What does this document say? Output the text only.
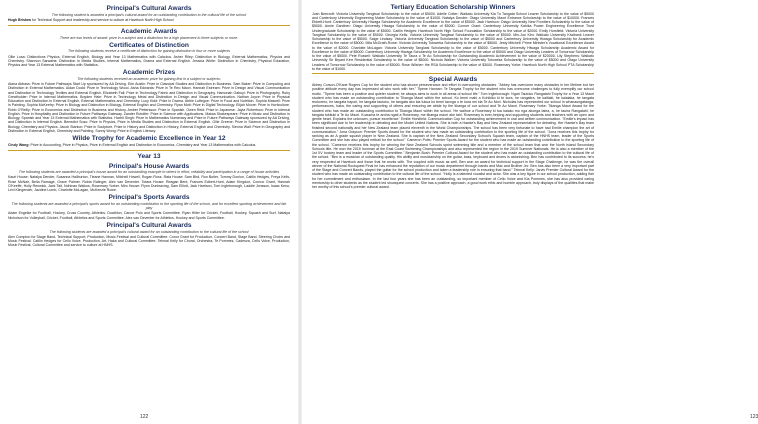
Principal's Cultural Awards
The following student is awarded a principal's cultural award for an outstanding contribution to the cultural life of the school
Hugh Bristow for Technical Support and leadership and service to culture at Havelock North High School
Academic Awards
There are two levels of award: prize in a subject and a distinction for a high placement in three subjects or more.
Certificates of Distinction
The following students receive a certificate of distinction for gaining distinction in four or more subjects
Ollie Losa: Distinctions Physics, External English, Biology and Year 13 Mathematics with Calculus. Asher Riley: Distinction in Biology, External Mathematics, Physics and Chemistry. Shannon Sarwarta: Distinction in Media Studies, Internal Mathematics, Drama and External English. Jessica White: Distinction in Chemistry, Physical Education, Physics and Year 13 External Mathematics with Statistics.
Academic Prizes
The following students received an academic prize for gaining first in a subject or subjects:
Alana Abbass: Prize in Future Pathways Start Up sponsored by AA Driving. Erin Austin: Prize in Classical Studies and Distinction in Business. Sam Baker: Prize in Computing and Distinction in External Mathematics. Aidan Dodd: Prize in Technology Wood. Asha Edwards: Prize in Te Reo Maori. Hannah Estream: Prize in Design and Visual Communication and Distinction in Technology Textiles and External English. Elizabeth Fall: Prize in Technology Fabric and Distinction in Geography. Hamonah Gabuyi: Prize in Photography. Ruby Greatholder: Prize in Internal Mathematics. Boyden Hale: Prize in Technology Metal and Distinction in Design and Visual Communication. Nathan Joyce: Prize in Physical Education and Distinction in External English, External Mathematics and Chemistry. Lucy Kidd: Prize in Drama. Abbie Luttegoe: Prize in Food and Nutrition. Sophia Mascell: Prize in Painting. Sophia McKeefry: Prize in Biology and Distinction in Biology, External English and Chemistry. Ryan Mott: Prize in Digital Technology. Elijah Moore: Prize in Horticulture. Robb O'Reilly: Prize in Economics and Distinction in Business and History. Amber Pettersson: Prize in Spanish. Owen Reid: Prize in Japanese. Jayla Robertson: Prize in Internal English. Prize in Hospitality and Distinction in Future Pathways Gateway. Zander Rotolfer: Prize in Science with Applications. Maiwa Shakespeare: Prize in Music and Distinction in Biology, Spanish and Year 13 External Mathematics with Statistics. Harbit Singh: Prize in Mathematics Numeracy and Prize in Future Pathways Gateway sponsored by AA Driving, and Distinction in Internal English. Benedict Soso: Prize in Physics, Prize in Media Studies and Distinction in External English. Ollie Greene: Prize in Science and Distinction in Biology, Chemistry and Physics. Jacob Stanton: Prize in Sculpture, Prize in History and Distinction in History, External English and Chemistry. Sienna Wall: Prize in Geography and Distinction in External English, Chemistry and Painting. Sunny Wong: Prize in English Literacy.
Wilde Trophy for Academic Excellence in Year 12
Cindy Wang: Prize in Accounting, Prize in Physics, Prize in External English and Distinction in Economics, Chemistry and Year 13 Mathematics with Calculus.
Year 13
Principal's House Awards
The following students are awarded a principal's house award for an outstanding example to others in effort, reliability and participation in a range of house activities
Kauri House: Natalya Dender, Susanna Hallburton, Tieane Hannan, Mitchell Howell, Rogan Ross. Rata House: Sam Bird, Ron Butler, Tommy Donlon, Caitlin Hedges, Freya Kells, Rose McNair, Bella Ramage, Grace Palmer. Rubia Ralinger, Alex van Deventer. Totara House: Reagan Bent, Frances Edbert-Hunt, Adam Kingdon, Connor Grant, Hannah O'Keeffe, Holly Renwick, Jack Tait, Nohinas Waikus, Rosemary Yorker. Miro House: Flynn Dunleaving, Sam Elliott, Jack Harrison, Tom Ingleborough, Laddie Jonsson, Isaac Kenu, Lexi Klingender, Jazdine Lumb, Charlotte McLagan, McKenzie Rowe.
Principal's Sports Awards
The following students are awarded a principal's sports award for an outstanding contribution to the sporting life of the school, and for excellent sporting achievement and fair play
Adam Engelke for Football, Hockey, Cross Country, Athletics, Duathlon, Canoe Polo and Sports Committee. Ryan Hiller for Cricket, Football, Hockey, Squash and Surf. Natalya Nicholson for Volleyball, Cricket, Football, Athletics and Sports Committee. Alex van Deventer for Athletics, Hockey and Sports Committee.
Principal's Cultural Awards
The following students are awarded a principal's cultural award for an outstanding contribution to the cultural life of the school
Alex Compton for Stage Band, Technical Support, Production, Music Festival and Cultural Committee. Conor Grant for Production, Concert Band, Stage Band, Steering Choirs and Music Festival. Caitlin Hedges for Cello Voice, Production, Art, Haka and Cultural Committee. Teinnal Kelly for Choral, Orchestra, Te Pommes, Cadenza, Cello Voice, Production, Music Festival, Cultural Committee and service to culture at HNHS.
122
Tertiary Education Scholarship Winners
Josh Beecroft: Victoria University Tangiwai Scholarship to the value of $5000. Adelle Cotter: Waikato University Kia Tu Tangata School Leaver Scholarship to the value of $5000 and Canterbury University Engineering Maker Scholarship to the value of $1000. Natalya Dender: Otago University Maori Entrance Scholarship to the value of $10000. Frances Ebbett-Hunt: Canterbury University Hiwaga Scholarship for Academic Excellence to the value of $5000. Jack Harrison: Otago University New Frontiers Scholarship to the value of $5000. Annie Gardiner: Otago University Hiwaga Scholarship to the value of $5000. Conner Grant: Canterbury University Kahika Power Engineering Excellence Trust Undergraduate Scholarship to the value of $5000. Caitlin Hedges: Havelock North High School Foundation Scholarship to the value of $2000. Emily Horsfield: Victoria University Tangiwai Scholarship to the value of $5000. Georgia Kells: Victoria University Tangiwai Scholarship to the value of $5000. Min-Joo Kim: Waikato University Kiwibank Leaver Scholarship to the value of $5000. Saige Lindsay: Victoria University Tangiwai Scholarship to the value of $5000 and Canterbury University Hiwaga Scholarship for Academic Excellence to the value of $5000. Mila McGrath-Rowe: Victoria University Totoweka Scholarship to the value of $5000. Jesty Mitchell: Prime Minister's Vocational Excellence Award to the value of $2000. Charlotte McLagan: Victoria University Tangiwai Scholarship to the value of $5000. Canterbury University Hiwaga Scholarship Academic Award for Excellence to the value of $5000. Canterbury University Hiwaga Scholarship for Academic Excellence to the value of $5000 and Otago University Leaders of Tomorrow Scholarship to the value of $5000. Pete Russell: Waikato University Te Taura o Te Ao Scholarship for Outstanding Academic Achievement to the value of $20000. Lily Stephens: Waikato University Sir Bryant Kerr Residential Scholarship to the value of $5000. Nichola Walker: Victoria University Totoweka Scholarship to the value of $5000 and Otago University Leaders of Tomorrow Scholarship to the value of $5000. Rose Wilsher: the RSA Scholarship to the value of $3000. Rosemary Yorke: Havelock North High School PTA Scholarship to the value of $1000.
Special Awards
Abbey Corson-O'Kane Rogers Cup for the student who has shown perseverance and effort in overcoming obstacles. "Abbey has overcome many obstacles in her lifetime but her positive attitude every day has impressed all who work with her." Tipene Hannan: Te Tangata Trophy for the student who has overcome challenges to fully exemplify our school motto. "Tipene has been a positive and quieter student; he always aims to work in all areas of school life." Tom Ingleborough: Ngari Tautoko Rangatahi Trophy for a Year 13 Maori student who has made an outstanding contribution to Tikanga Maori within the school. Ko tenei mahi a Kohikiko ki te kura, he rangatira, he kaitiaki, he kaiaiaka, he tangata reokorero, he tangata hapori, he tangata tautoko, he tangata ako kia tukua ko tenei taonga o te kura nei kia Te Ao Mori. Nicholas has represented our school in whanaungatanga, performances, haka, the caring and supporting of others and ensuring we abide by the tikanga of our school and Te Ao Maori. Rosemary Yorke: Tikanga Maori Award for the student who has made an outstanding contribution to Tikanga Maori within the school. 'He waihoe a Rosemary ki tua kaiako mo nga akonga taiea, a, he tauira Rangatahi, he tangata tukituki a Te Ao Maori. Kuaucha te aroha ngati a Rosemary, me tikanga maori ake tahi. Rosemary is ever-helping and supporting students and teachers with an open and gentle heart. Explains the unknown, pursue excellence.' Emilie Horsfield: Communication Cup for outstanding achievement in oral and written communication. "Emilie's impact has been significant due to her leadership in debating and the Model United Nations. She is both a Hawke's Bay and New Zealand representative for debating. Her Hawke's Bay team finished second nationally and her New Zealand team placed eleventh in the World Championships. The school has been very fortunate to have had Emilie champion the art of communication." Jona Grayson: Premier Sports Award for the student who has made an outstanding contribution to the sporting life of the school. "Jona receives this trophy for ranking as an A grade squash player in New Zealand. She is captain of the New Zealand Secondary School's Squash team, captain of the HNHS team, leader of the Sports Committee and she has also played netball for the school." Cameron Potts: Premier Sports Award for the student who has made an outstanding contribution to the sporting life of the school. "Cameron receives this trophy for winning the New Zealand Schools sprint swimming title and a member of the school team that won the North Island Secondary Schools title. He won the 2019 Ironman at the East Coast Swimming Championships and also represented the region in the 2019 Summer Nationals. He is also a member of the 1st XV hockey team and leader of the Sports Committee." Benjamin Bush: Premier Cultural Award for the student who has made an outstanding contribution to the cultural life of the school. "Ben is a musician of outstanding quality. His ability and musicianship on the guitar, bass, keyboard and drums is astonishing. Ben has contributed to its success; he's very respected at Havelock and those that he works with. The coupled with music as well, Ben won an award for technical support in the Stage Challenge, he was the overall winner of the National Rockquest Final he has enhanced the reputation of our music department through bands and Mac and Brother Jnr. Ben has also been a very important part of the Stage and Concert Bands, played the guitar for the school production and taken a leadership role in ensuring that band." Teinnal Kelly: Jarvis Premier Cultural Award for the student who has made an outstanding contribution to the cultural life of the school. "Holly is a talented vocalist and actor. She was a key figure in our school production, adding flair for her commitment and enthusiasm. In the last four years she has been an outstanding, so important member of Cello Voice and Kia Pommes, she has also provided caring mentorship to other students as the student led showquest concerts. She has a positive approach, a good work ethic and humble approach, truly displays of the qualities that make her worthy of this school's premier cultural award.
123
